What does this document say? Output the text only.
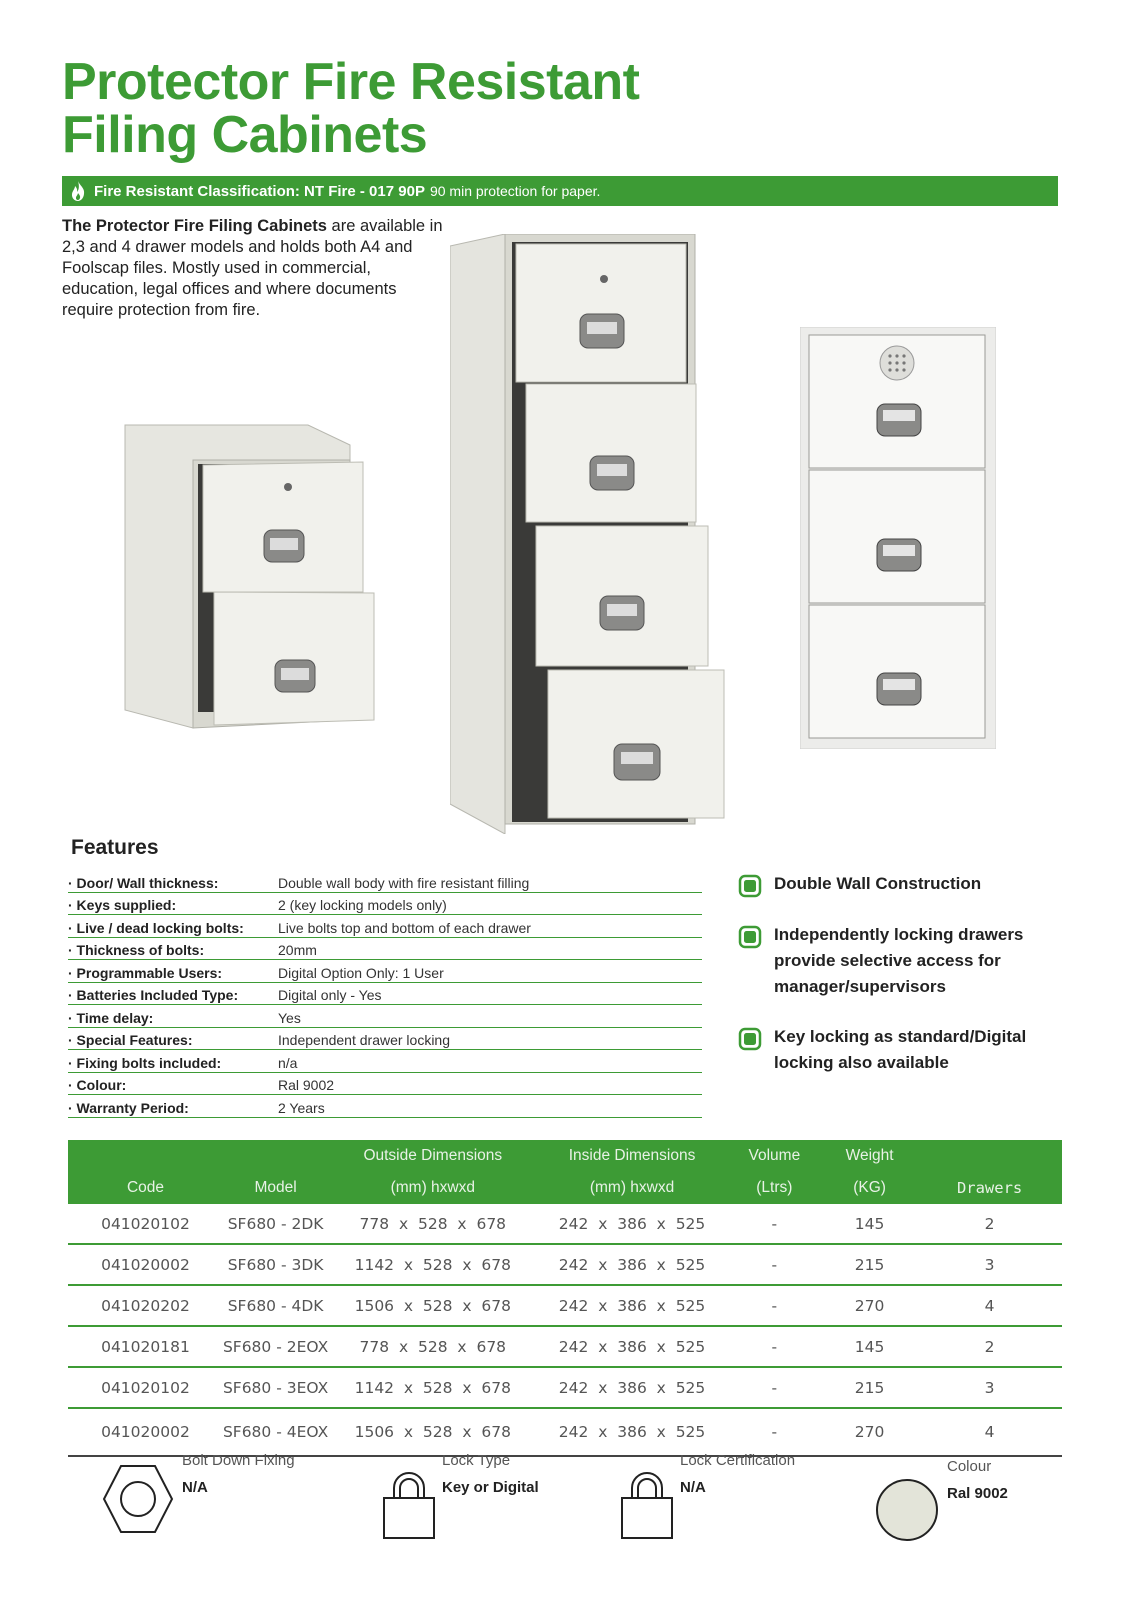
Protector Fire Resistant
Filing Cabinets
Fire Resistant Classification: NT Fire - 017 90P 90 min protection for paper.

The Protector Fire Filing Cabinets are available in 2,3 and 4 drawer models and holds both A4 and Foolscap files. Mostly used in commercial, education, legal offices and where documents require protection from fire.

Features
· Door/ Wall thickness:	Double wall body with fire resistant filling
· Keys supplied:	2 (key locking models only)
· Live / dead locking bolts:	Live bolts top and bottom of each drawer
· Thickness of bolts:	20mm
· Programmable Users:	Digital Option Only: 1 User
· Batteries Included Type:	Digital only - Yes
· Time delay:	Yes
· Special Features:	Independent drawer locking
· Fixing bolts included:	n/a
· Colour:	Ral 9002
· Warranty Period:	2 Years
Double Wall Construction
Independently locking drawers provide selective access for manager/supervisors
Key locking as standard/Digital locking also available
		Outside Dimensions	Inside Dimensions	Volume	Weight	
Code	Model	(mm) hxwxd	(mm) hxwxd	(Ltrs)	(KG)	Drawers
041020102	SF680 - 2DK	778  x  528  x  678	242  x  386  x  525	-	145	2
041020002	SF680 - 3DK	1142  x  528  x  678	242  x  386  x  525	-	215	3
041020202	SF680 - 4DK	1506  x  528  x  678	242  x  386  x  525	-	270	4
041020181	SF680 - 2EOX	778  x  528  x  678	242  x  386  x  525	-	145	2
041020102	SF680 - 3EOX	1142  x  528  x  678	242  x  386  x  525	-	215	3
041020002	SF680 - 4EOX	1506  x  528  x  678	242  x  386  x  525	-	270	4
Bolt Down Fixing
N/A
Lock Type
Key or Digital
Lock Certification
N/A
Colour
Ral 9002
